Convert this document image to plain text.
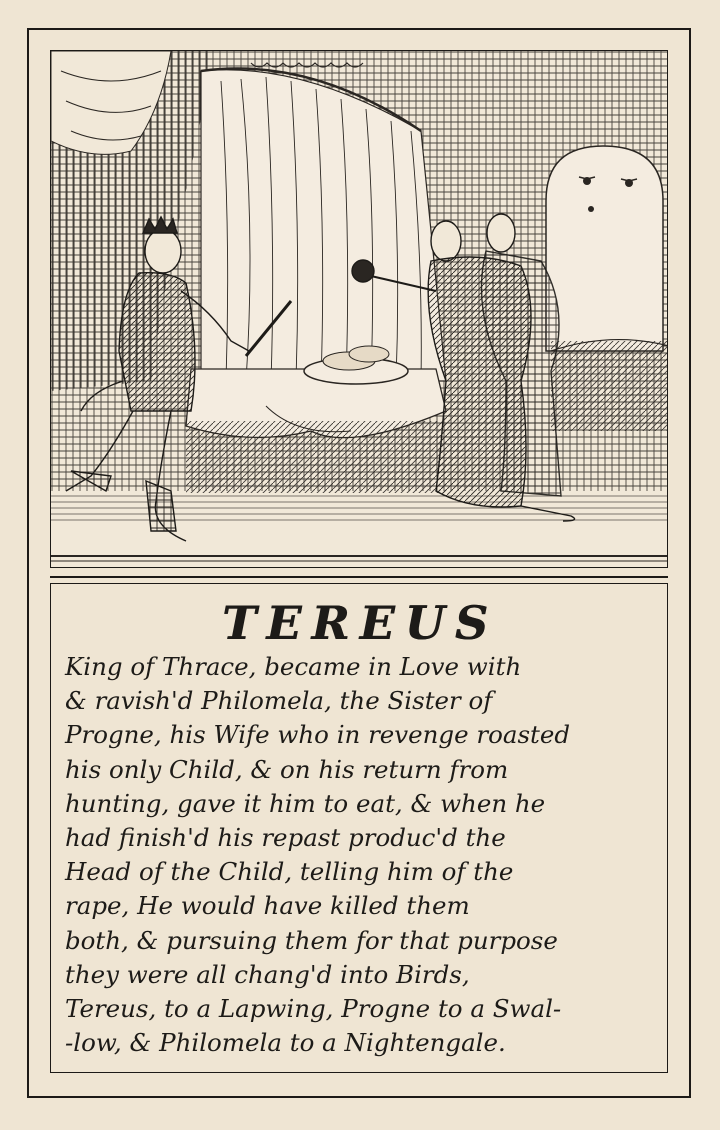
TEREUS
King of Thrace, became in Love with
& ravish'd Philomela, the Sister of
Progne, his Wife who in revenge roasted
his only Child, & on his return from
hunting, gave it him to eat, & when he
had finish'd his repast produc'd the
Head of the Child, telling him of the
rape, He would have killed them
both, & pursuing them for that purpose
they were all chang'd into Birds,
Tereus, to a Lapwing, Progne to a Swal-
-low, & Philomela to a Nightengale.
